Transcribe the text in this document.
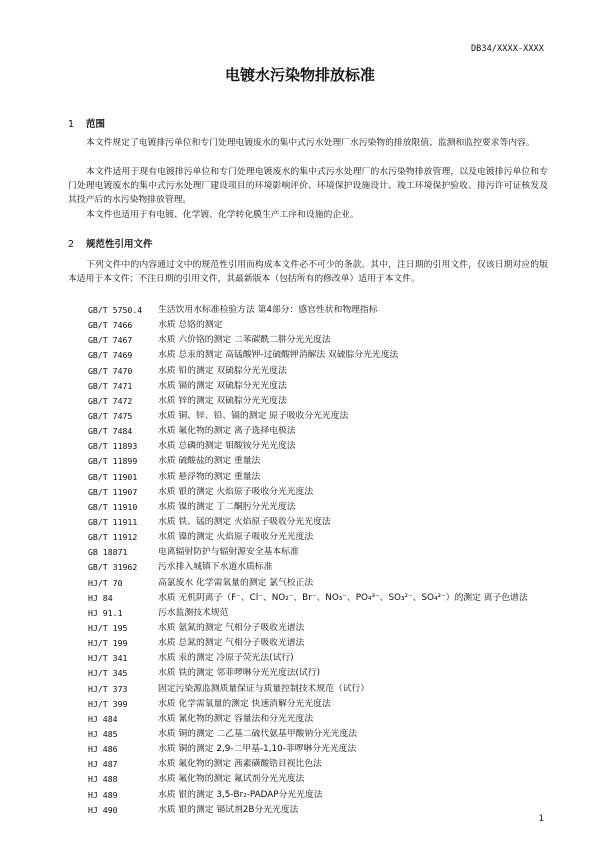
DB34/XXXX-XXXX
电镀水污染物排放标准
1 范围
本文件规定了电镀排污单位和专门处理电镀废水的集中式污水处理厂水污染物的排放限值、监测和监控要求等内容。
本文件适用于现有电镀排污单位和专门处理电镀废水的集中式污水处理厂的水污染物排放管理，以及电镀排污单位和专门处理电镀废水的集中式污水处理厂建设项目的环境影响评价、环境保护设施设计、竣工环境保护验收、排污许可证核发及其投产后的水污染物排放管理。
本文件也适用于有电镀、化学镀、化学转化膜生产工序和设施的企业。
2 规范性引用文件
下列文件中的内容通过文中的规范性引用而构成本文件必不可少的条款。其中，注日期的引用文件，仅该日期对应的版本适用于本文件；不注日期的引用文件，其最新版本（包括所有的修改单）适用于本文件。
GB/T 5750.4 生活饮用水标准检验方法 第4部分：感官性状和物理指标
GB/T 7466	水质 总铬的测定
GB/T 7467	水质 六价铬的测定 二苯碳酰二肼分光光度法
GB/T 7469	水质 总汞的测定 高锰酸钾-过硫酸钾消解法 双硫腙分光光度法
GB/T 7470	水质 铅的测定 双硫腙分光光度法
GB/T 7471	水质 镉的测定 双硫腙分光光度法
GB/T 7472	水质 锌的测定 双硫腙分光光度法
GB/T 7475	水质 铜、锌、铅、镉的测定 原子吸收分光光度法
GB/T 7484	水质 氟化物的测定 离子选择电极法
GB/T 11893 水质 总磷的测定 钼酸铵分光光度法
GB/T 11899 水质 硫酸盐的测定 重量法
GB/T 11901 水质 悬浮物的测定 重量法
GB/T 11907 水质 银的测定 火焰原子吸收分光光度法
GB/T 11910 水质 镍的测定 丁二酮肟分光光度法
GB/T 11911 水质 铁、锰的测定 火焰原子吸收分光光度法
GB/T 11912 水质 镍的测定 火焰原子吸收分光光度法
GB 18871	电离辐射防护与辐射源安全基本标准
GB/T 31962 污水排入城镇下水道水质标准
HJ/T 70	高氯废水 化学需氧量的测定 氯气校正法
HJ 84	水质 无机阴离子（F⁻、Cl⁻、NO₂⁻、Br⁻、NO₃⁻、PO₄³⁻、SO₃²⁻、SO₄²⁻）的测定 离子色谱法
HJ 91.1	污水监测技术规范
HJ/T 195	水质 氨氮的测定 气相分子吸收光谱法
HJ/T 199	水质 总氮的测定 气相分子吸收光谱法
HJ/T 341	水质 汞的测定 冷原子荧光法(试行)
HJ/T 345	水质 铁的测定 邻菲啰啉分光光度法(试行)
HJ/T 373	固定污染源监测质量保证与质量控制技术规范（试行）
HJ/T 399	水质 化学需氧量的测定 快速消解分光光度法
HJ 484	水质 氰化物的测定 容量法和分光光度法
HJ 485	水质 铜的测定 二乙基二硫代氨基甲酸钠分光光度法
HJ 486	水质 铜的测定 2,9-二甲基-1,10-菲啰啉分光光度法
HJ 487	水质 氟化物的测定 茜素磺酸锆目视比色法
HJ 488	水质 氟化物的测定 氟试剂分光光度法
HJ 489	水质 银的测定 3,5-Br₂-PADAP分光光度法
HJ 490	水质 银的测定 镉试剂2B分光光度法
1
